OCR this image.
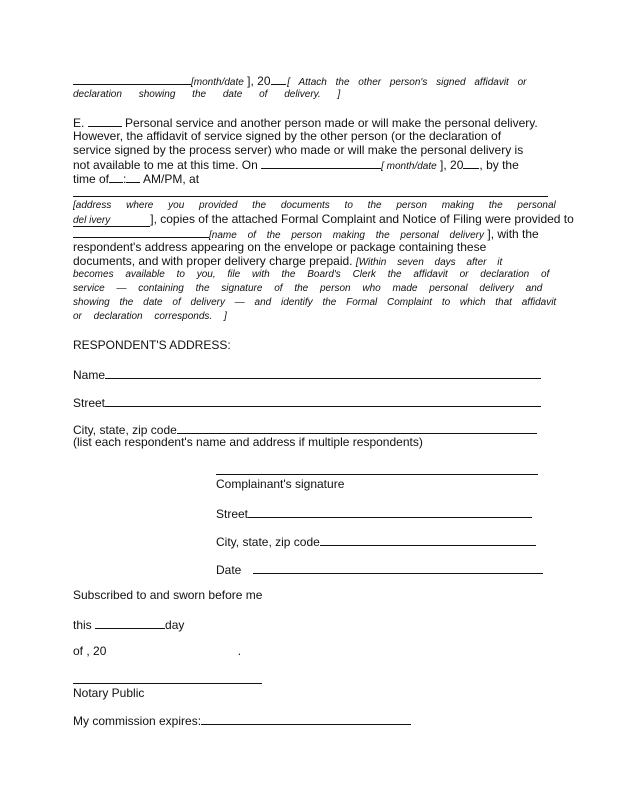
[month/date ], 20 .[ Attach the other person's signed affidavit or
declaration showing the date of delivery. ]
E.	Personal service and another person made or will make the personal delivery.
However, the affidavit of service signed by the other person (or the declaration of
service signed by the process server) who made or will make the personal delivery is
not available to me at this time. On	[ month/date ], 20 , by the
time of : AM/PM, at
[address where you provided the documents to the person making the personal
del ivery	], copies of the attached Formal Complaint and Notice of Filing were provided to
[name of the person making the personal delivery ], with the
respondent's address appearing on the envelope or package containing these
documents, and with proper delivery charge prepaid. [Within seven days after it
becomes available to you, file with the Board's Clerk the affidavit or declaration of
service — containing the signature of the person who made personal delivery and
showing the date of delivery — and identify the Formal Complaint to which that affidavit
or declaration corresponds. ]
RESPONDENT'S ADDRESS:
Name
Street
City, state, zip code
(list each respondent's name and address if multiple respondents)
Complainant's signature
Street
City, state, zip code
Date
Subscribed to and sworn before me
this	day
of , 20	.
Notary Public
My commission expires:
